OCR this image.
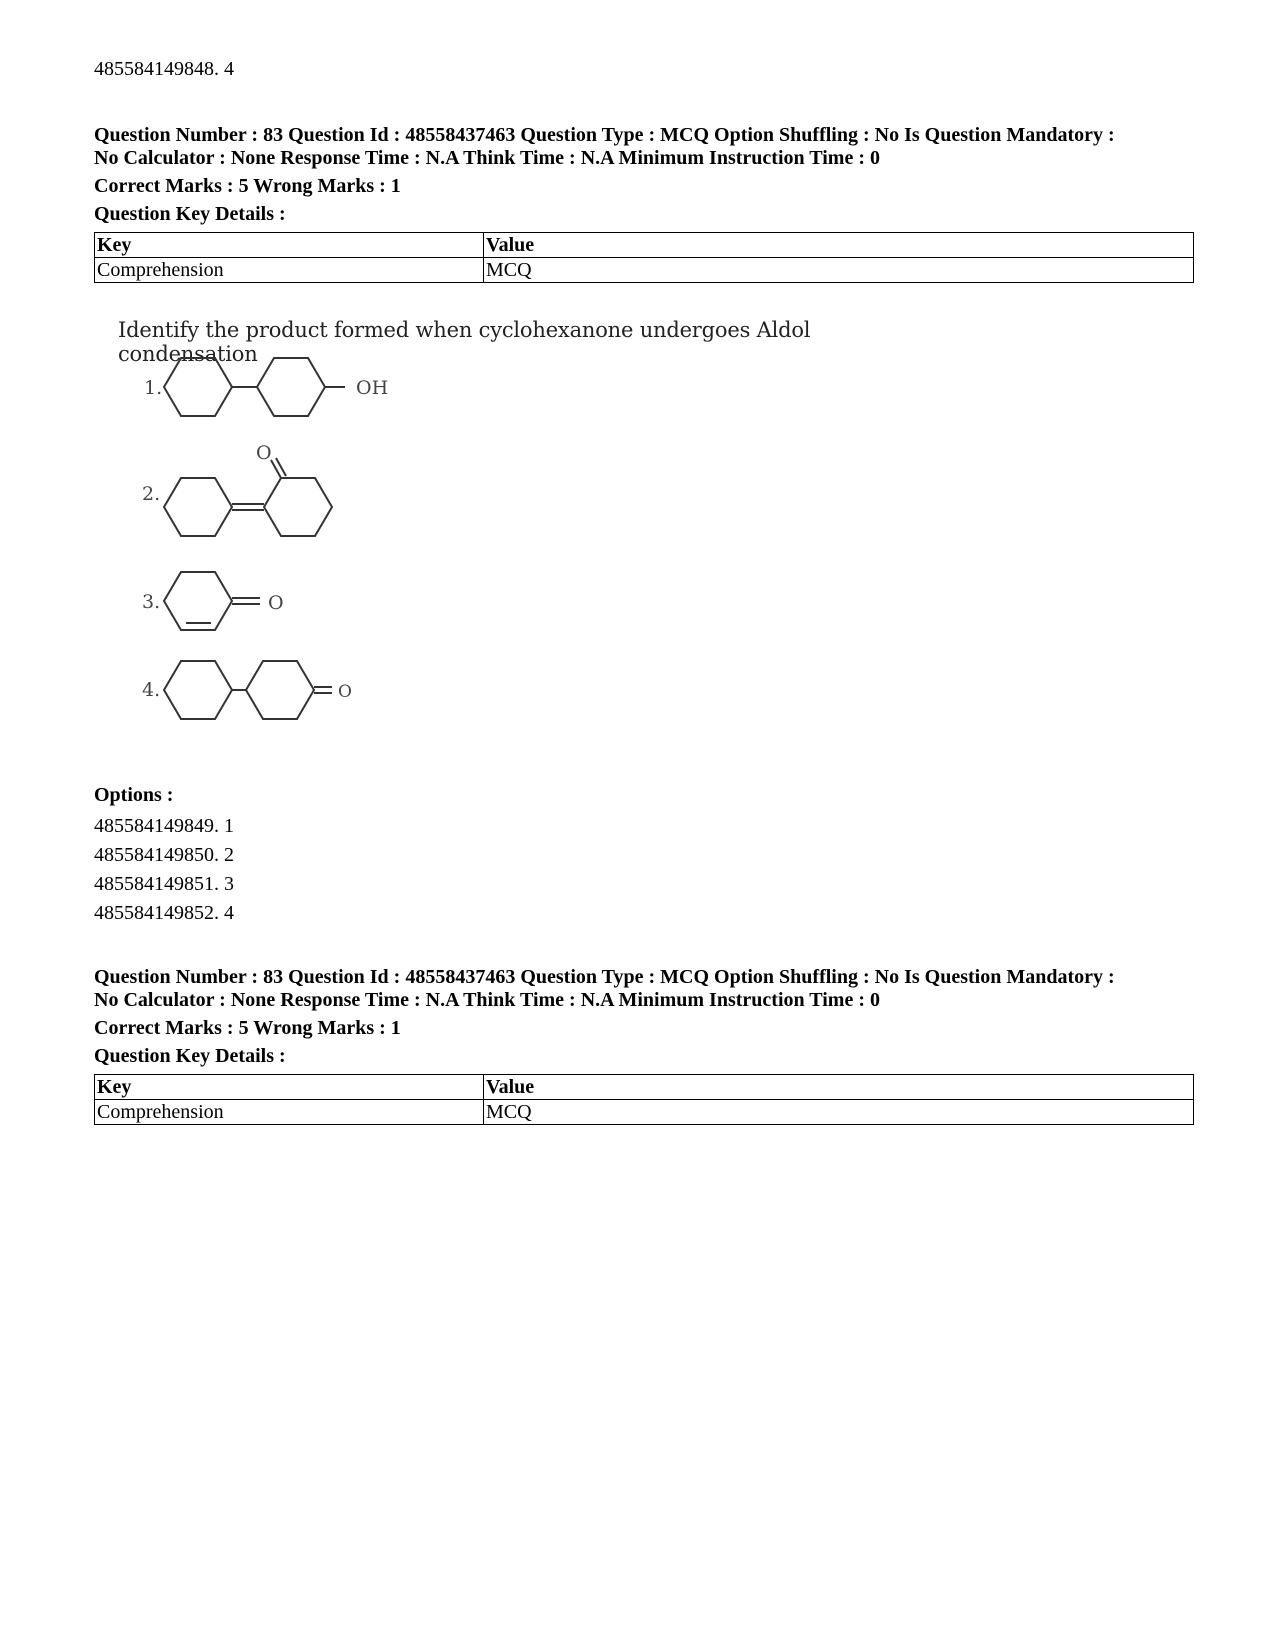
485584149848. 4

Question Number : 83 Question Id : 48558437463 Question Type : MCQ Option Shuffling : No Is Question Mandatory :

No Calculator : None Response Time : N.A Think Time : N.A Minimum Instruction Time : 0

Correct Marks : 5 Wrong Marks : 1
Question Key Details :
Key	Value
Comprehension	MCQ
Identify the product formed when cyclohexanone undergoes Aldol condensation
1.	OH
2.
O
3.	O
4.	O
Options :
485584149849. 1
485584149850. 2
485584149851. 3
485584149852. 4

Question Number : 83 Question Id : 48558437463 Question Type : MCQ Option Shuffling : No Is Question Mandatory :

No Calculator : None Response Time : N.A Think Time : N.A Minimum Instruction Time : 0

Correct Marks : 5 Wrong Marks : 1
Question Key Details :
Key	Value
Comprehension	MCQ
